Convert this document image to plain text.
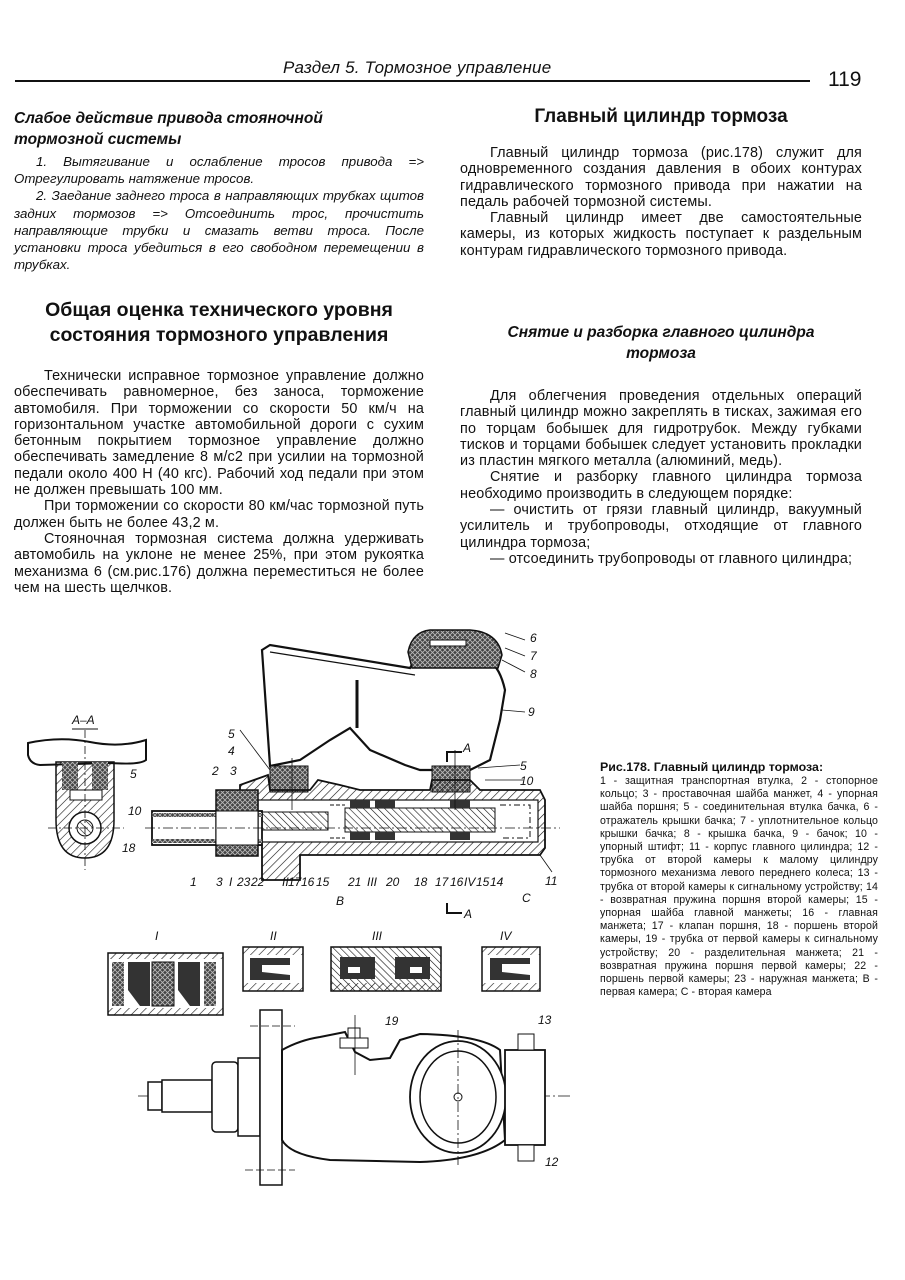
Раздел 5. Тормозное управление
119
Слабое действие привода стояночной
тормозной системы

1. Вытягивание и ослабление тросов привода => Отрегулировать натяжение тросов.

2. Заедание заднего троса в направляющих трубках щитов задних тормозов => Отсоединить трос, прочистить направляющие трубки и смазать ветви троса. После установки троса убедиться в его свободном перемещении в трубках.

Общая оценка технического уровня
состояния тормозного управления

Технически исправное тормозное управление должно обеспечивать равномерное, без заноса, торможение автомобиля. При торможении со скорости 50 км/ч на горизонтальном участке автомобильной дороги с сухим бетонным покрытием тормозное управление должно обеспечивать замедление 8 м/с2 при усилии на тормозной педали около 400 Н (40 кгс). Рабочий ход педали при этом не должен превышать 100 мм.

При торможении со скорости 80 км/час тормозной путь должен быть не более 43,2 м.

Стояночная тормозная система должна удерживать автомобиль на уклоне не менее 25%, при этом рукоятка механизма 6 (см.рис.176) должна переместиться не более чем на шесть щелчков.

Главный цилиндр тормоза

Главный цилиндр тормоза (рис.178) служит для одновременного создания давления в обоих контурах гидравлического тормозного привода при нажатии на педаль рабочей тормозной системы.

Главный цилиндр имеет две самостоятельные камеры, из которых жидкость поступает к раздельным контурам гидравлического тормозного привода.

Снятие и разборка главного цилиндра
тормоза

Для облегчения проведения отдельных операций главный цилиндр можно закреплять в тисках, зажимая его по торцам бобышек для гидротрубок. Между губками тисков и торцами бобышек следует установить прокладки из пластин мягкого металла (алюминий, медь).

Снятие и разборку главного цилиндра тормоза необходимо производить в следующем порядке:

— очистить от грязи главный цилиндр, вакуумный усилитель и трубопроводы, отходящие от главного цилиндра тормоза;

— отсоединить трубопроводы от главного цилиндра;

Рис.178. Главный цилиндр тормоза:
1 - защитная транспортная втулка, 2 - стопорное кольцо; 3 - проставочная шайба манжет, 4 - упорная шайба поршня; 5 - соединительная втулка бачка, 6 - отражатель крышки бачка; 7 - уплотнительное кольцо крышки бачка; 8 - крышка бачка, 9 - бачок; 10 - упорный штифт; 11 - корпус главного цилиндра; 12 - трубка от второй камеры к малому цилиндру тормозного механизма левого переднего колеса; 13 - трубка от второй камеры к сигнальному устройству; 14 - возвратная пружина поршня второй камеры; 15 - упорная шайба главной манжеты; 16 - главная манжета; 17 - клапан поршня, 18 - поршень второй камеры, 19 - трубка от первой камеры к сигнальному устройству; 20 - разделительная манжета; 21 - возвратная пружина поршня первой камеры; 22 - поршень первой камеры; 23 - наружная манжета; В - первая камера; С - вторая камера
А–А
5
10
18
А
А
6
7
8
9
5
10
11
5
4
2 3
1 3 I 23 22 II 17 16 15
В
21 III 20 18 17 16 IV 15 14
С
I	II	III	IV
19	13
12
